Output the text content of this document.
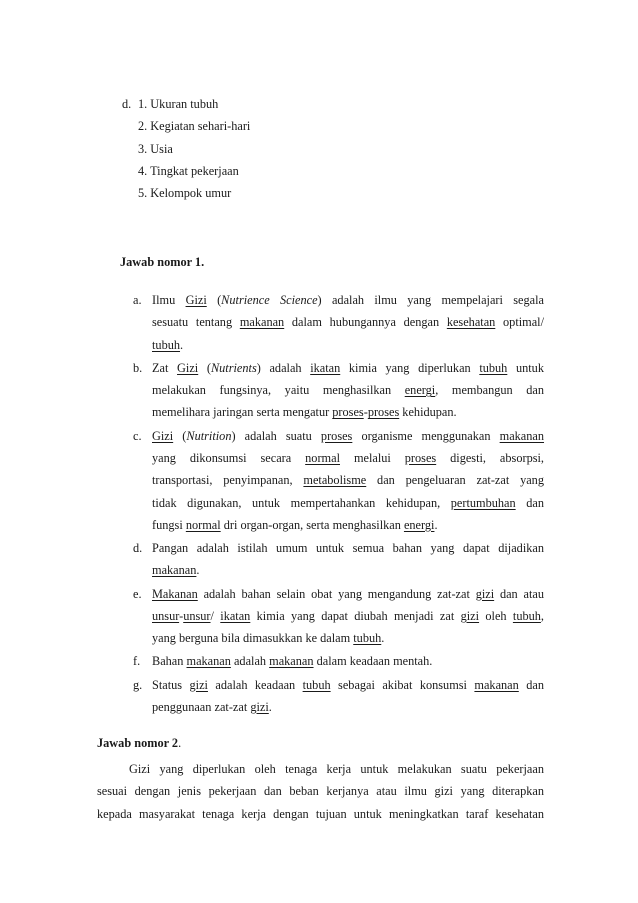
d. 1. Ukuran tubuh
2. Kegiatan sehari-hari
3. Usia
4. Tingkat pekerjaan
5. Kelompok umur
Jawab nomor 1.
a. Ilmu Gizi (Nutrience Science) adalah ilmu yang mempelajari segala
sesuatu tentang makanan dalam hubungannya dengan kesehatan optimal/
tubuh.
b. Zat Gizi (Nutrients) adalah ikatan kimia yang diperlukan tubuh untuk
melakukan fungsinya, yaitu menghasilkan energi, membangun dan
memelihara jaringan serta mengatur proses-proses kehidupan.
c. Gizi (Nutrition) adalah suatu proses organisme menggunakan makanan
yang dikonsumsi secara normal melalui proses digesti, absorpsi,
transportasi, penyimpanan, metabolisme dan pengeluaran zat-zat yang
tidak digunakan, untuk mempertahankan kehidupan, pertumbuhan dan
fungsi normal dri organ-organ, serta menghasilkan energi.
d. Pangan adalah istilah umum untuk semua bahan yang dapat dijadikan
makanan.
e. Makanan adalah bahan selain obat yang mengandung zat-zat gizi dan atau
unsur-unsur/ ikatan kimia yang dapat diubah menjadi zat gizi oleh tubuh,
yang berguna bila dimasukkan ke dalam tubuh.
f. Bahan makanan adalah makanan dalam keadaan mentah.
g. Status gizi adalah keadaan tubuh sebagai akibat konsumsi makanan dan
penggunaan zat-zat gizi.
Jawab nomor 2.
Gizi yang diperlukan oleh tenaga kerja untuk melakukan suatu pekerjaan
sesuai dengan jenis pekerjaan dan beban kerjanya atau ilmu gizi yang diterapkan
kepada masyarakat tenaga kerja dengan tujuan untuk meningkatkan taraf kesehatan
